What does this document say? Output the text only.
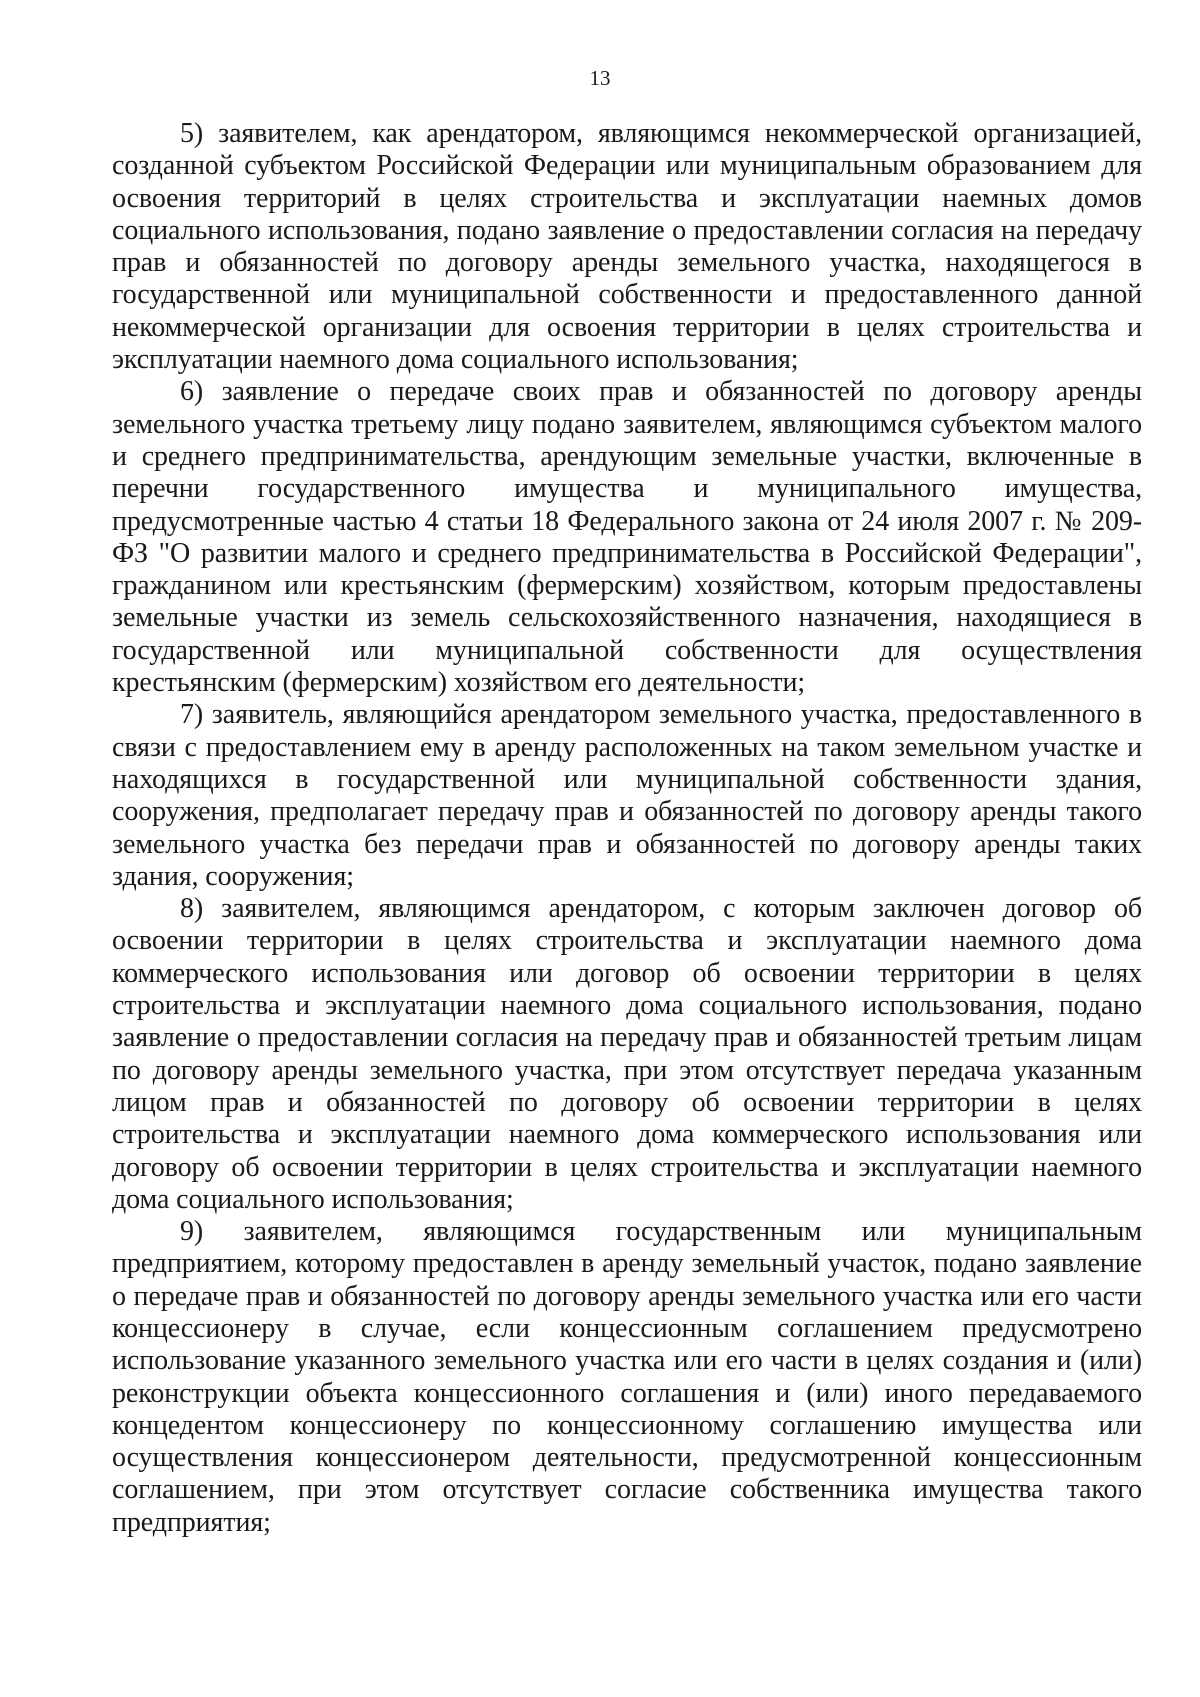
13

5) заявителем, как арендатором, являющимся некоммерческой организацией, созданной субъектом Российской Федерации или муниципальным образованием для освоения территорий в целях строительства и эксплуатации наемных домов социального использования, подано заявление о предоставлении согласия на передачу прав и обязанностей по договору аренды земельного участка, находящегося в государственной или муниципальной собственности и предоставленного данной некоммерческой организации для освоения территории в целях строительства и эксплуатации наемного дома социального использования;

6) заявление о передаче своих прав и обязанностей по договору аренды земельного участка третьему лицу подано заявителем, являющимся субъектом малого и среднего предпринимательства, арендующим земельные участки, включенные в перечни государственного имущества и муниципального имущества, предусмотренные частью 4 статьи 18 Федерального закона от 24 июля 2007 г. № 209-ФЗ "О развитии малого и среднего предпринимательства в Российской Федерации", гражданином или крестьянским (фермерским) хозяйством, которым предоставлены земельные участки из земель сельскохозяйственного назначения, находящиеся в государственной или муниципальной собственности для осуществления крестьянским (фермерским) хозяйством его деятельности;

7) заявитель, являющийся арендатором земельного участка, предоставленного в связи с предоставлением ему в аренду расположенных на таком земельном участке и находящихся в государственной или муниципальной собственности здания, сооружения, предполагает передачу прав и обязанностей по договору аренды такого земельного участка без передачи прав и обязанностей по договору аренды таких здания, сооружения;

8) заявителем, являющимся арендатором, с которым заключен договор об освоении территории в целях строительства и эксплуатации наемного дома коммерческого использования или договор об освоении территории в целях строительства и эксплуатации наемного дома социального использования, подано заявление о предоставлении согласия на передачу прав и обязанностей третьим лицам по договору аренды земельного участка, при этом отсутствует передача указанным лицом прав и обязанностей по договору об освоении территории в целях строительства и эксплуатации наемного дома коммерческого использования или договору об освоении территории в целях строительства и эксплуатации наемного дома социального использования;

9) заявителем, являющимся государственным или муниципальным предприятием, которому предоставлен в аренду земельный участок, подано заявление о передаче прав и обязанностей по договору аренды земельного участка или его части концессионеру в случае, если концессионным соглашением предусмотрено использование указанного земельного участка или его части в целях создания и (или) реконструкции объекта концессионного соглашения и (или) иного передаваемого концедентом концессионеру по концессионному соглашению имущества или осуществления концессионером деятельности, предусмотренной концессионным соглашением, при этом отсутствует согласие собственника имущества такого предприятия;
